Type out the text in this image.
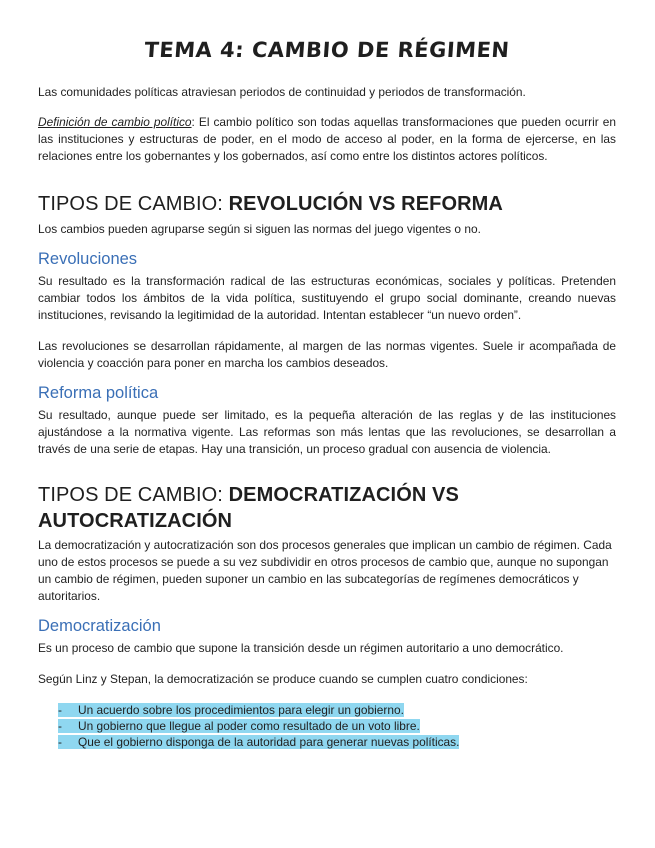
TEMA 4: CAMBIO DE RÉGIMEN

Las comunidades políticas atraviesan periodos de continuidad y periodos de transformación.

Definición de cambio político: El cambio político son todas aquellas transformaciones que pueden ocurrir en las instituciones y estructuras de poder, en el modo de acceso al poder, en la forma de ejercerse, en las relaciones entre los gobernantes y los gobernados, así como entre los distintos actores políticos.

TIPOS DE CAMBIO: REVOLUCIÓN VS REFORMA

Los cambios pueden agruparse según si siguen las normas del juego vigentes o no.

Revoluciones

Su resultado es la transformación radical de las estructuras económicas, sociales y políticas. Pretenden cambiar todos los ámbitos de la vida política, sustituyendo el grupo social dominante, creando nuevas instituciones, revisando la legitimidad de la autoridad. Intentan establecer “un nuevo orden”.

Las revoluciones se desarrollan rápidamente, al margen de las normas vigentes. Suele ir acompañada de violencia y coacción para poner en marcha los cambios deseados.

Reforma política

Su resultado, aunque puede ser limitado, es la pequeña alteración de las reglas y de las instituciones ajustándose a la normativa vigente. Las reformas son más lentas que las revoluciones, se desarrollan a través de una serie de etapas. Hay una transición, un proceso gradual con ausencia de violencia.

TIPOS DE CAMBIO: DEMOCRATIZACIÓN VS AUTOCRATIZACIÓN

La democratización y autocratización son dos procesos generales que implican un cambio de régimen. Cada uno de estos procesos se puede a su vez subdividir en otros procesos de cambio que, aunque no supongan un cambio de régimen, pueden suponer un cambio en las subcategorías de regímenes democráticos y autoritarios.

Democratización

Es un proceso de cambio que supone la transición desde un régimen autoritario a uno democrático.

Según Linz y Stepan, la democratización se produce cuando se cumplen cuatro condiciones:

- Un acuerdo sobre los procedimientos para elegir un gobierno.
- Un gobierno que llegue al poder como resultado de un voto libre.
- Que el gobierno disponga de la autoridad para generar nuevas políticas.
